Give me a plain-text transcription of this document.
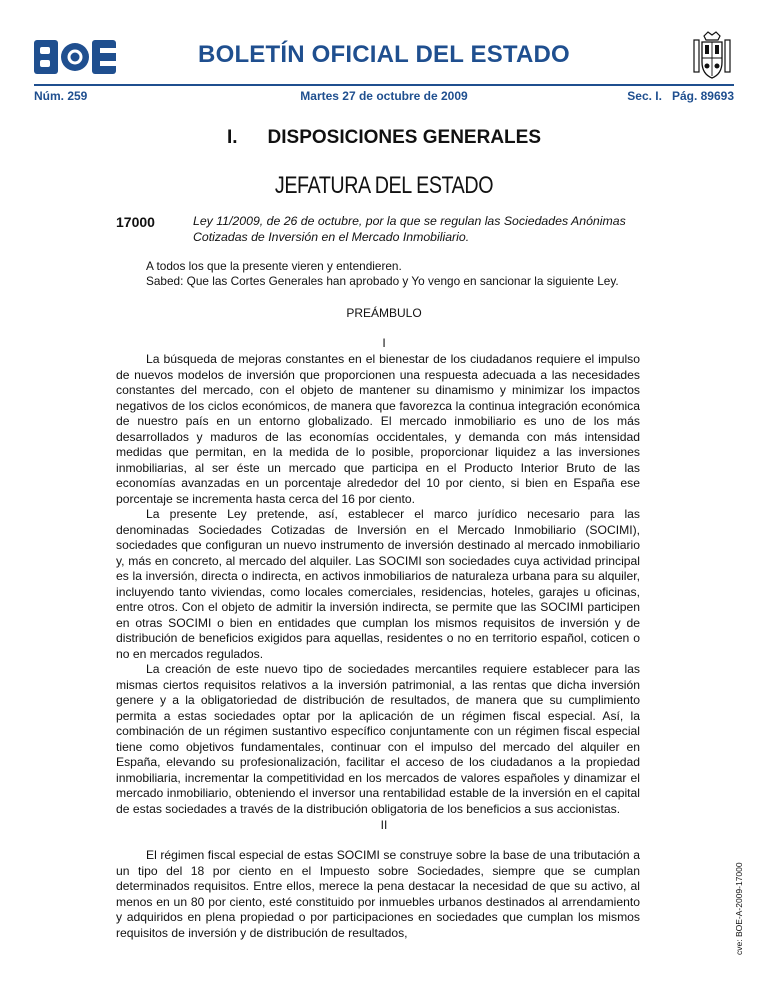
BOLETÍN OFICIAL DEL ESTADO
Núm. 259	Martes 27 de octubre de 2009	Sec. I.   Pág. 89693
I. DISPOSICIONES GENERALES
JEFATURA DEL ESTADO
17000	Ley 11/2009, de 26 de octubre, por la que se regulan las Sociedades Anónimas Cotizadas de Inversión en el Mercado Inmobiliario.
A todos los que la presente vieren y entendieren.
Sabed: Que las Cortes Generales han aprobado y Yo vengo en sancionar la siguiente Ley.
PREÁMBULO
I

La búsqueda de mejoras constantes en el bienestar de los ciudadanos requiere el impulso de nuevos modelos de inversión que proporcionen una respuesta adecuada a las necesidades constantes del mercado, con el objeto de mantener su dinamismo y minimizar los impactos negativos de los ciclos económicos, de manera que favorezca la continua integración económica de nuestro país en un entorno globalizado. El mercado inmobiliario es uno de los más desarrollados y maduros de las economías occidentales, y demanda con más intensidad medidas que permitan, en la medida de lo posible, proporcionar liquidez a las inversiones inmobiliarias, al ser éste un mercado que participa en el Producto Interior Bruto de las economías avanzadas en un porcentaje alrededor del 10 por ciento, si bien en España ese porcentaje se incrementa hasta cerca del 16 por ciento.

La presente Ley pretende, así, establecer el marco jurídico necesario para las denominadas Sociedades Cotizadas de Inversión en el Mercado Inmobiliario (SOCIMI), sociedades que configuran un nuevo instrumento de inversión destinado al mercado inmobiliario y, más en concreto, al mercado del alquiler. Las SOCIMI son sociedades cuya actividad principal es la inversión, directa o indirecta, en activos inmobiliarios de naturaleza urbana para su alquiler, incluyendo tanto viviendas, como locales comerciales, residencias, hoteles, garajes u oficinas, entre otros. Con el objeto de admitir la inversión indirecta, se permite que las SOCIMI participen en otras SOCIMI o bien en entidades que cumplan los mismos requisitos de inversión y de distribución de beneficios exigidos para aquellas, residentes o no en territorio español, coticen o no en mercados regulados.

La creación de este nuevo tipo de sociedades mercantiles requiere establecer para las mismas ciertos requisitos relativos a la inversión patrimonial, a las rentas que dicha inversión genere y a la obligatoriedad de distribución de resultados, de manera que su cumplimiento permita a estas sociedades optar por la aplicación de un régimen fiscal especial. Así, la combinación de un régimen sustantivo específico conjuntamente con un régimen fiscal especial tiene como objetivos fundamentales, continuar con el impulso del mercado del alquiler en España, elevando su profesionalización, facilitar el acceso de los ciudadanos a la propiedad inmobiliaria, incrementar la competitividad en los mercados de valores españoles y dinamizar el mercado inmobiliario, obteniendo el inversor una rentabilidad estable de la inversión en el capital de estas sociedades a través de la distribución obligatoria de los beneficios a sus accionistas.

II

El régimen fiscal especial de estas SOCIMI se construye sobre la base de una tributación a un tipo del 18 por ciento en el Impuesto sobre Sociedades, siempre que se cumplan determinados requisitos. Entre ellos, merece la pena destacar la necesidad de que su activo, al menos en un 80 por ciento, esté constituido por inmuebles urbanos destinados al arrendamiento y adquiridos en plena propiedad o por participaciones en sociedades que cumplan los mismos requisitos de inversión y de distribución de resultados,	cve: BOE-A-2009-17000
